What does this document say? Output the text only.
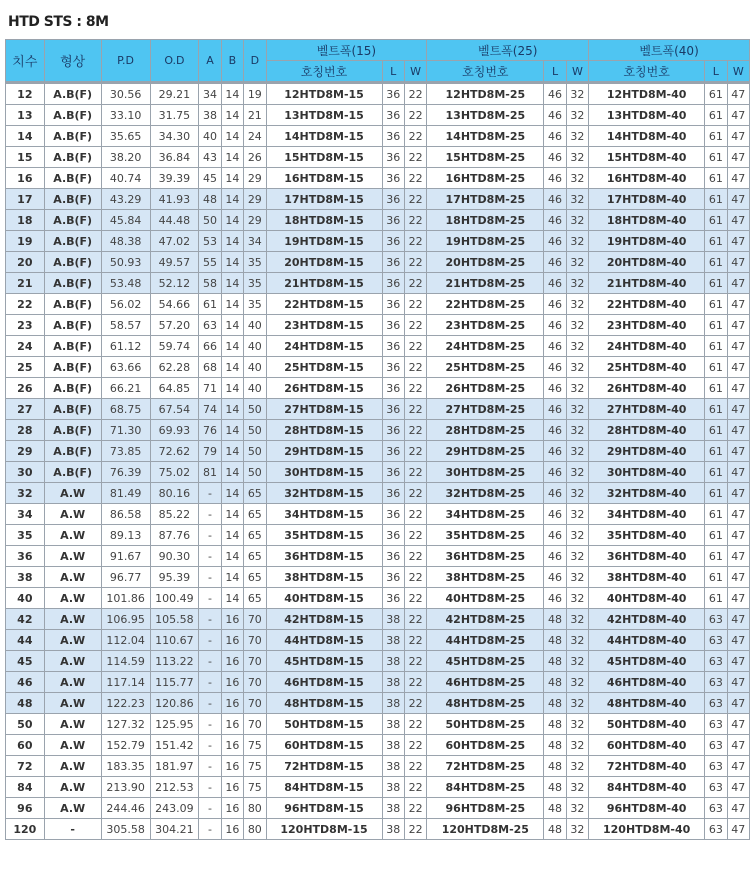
HTD STS : 8M
치수	형상	P.D	O.D	A	B	D	벨트폭(15)			벨트폭(25)			벨트폭(40)		
							호칭번호	L	W	호칭번호	L	W	호칭번호	L	W
12	A.B(F)	30.56	29.21	34	14	19	12HTD8M-15	36	22	12HTD8M-25	46	32	12HTD8M-40	61	47
13	A.B(F)	33.10	31.75	38	14	21	13HTD8M-15	36	22	13HTD8M-25	46	32	13HTD8M-40	61	47
14	A.B(F)	35.65	34.30	40	14	24	14HTD8M-15	36	22	14HTD8M-25	46	32	14HTD8M-40	61	47
15	A.B(F)	38.20	36.84	43	14	26	15HTD8M-15	36	22	15HTD8M-25	46	32	15HTD8M-40	61	47
16	A.B(F)	40.74	39.39	45	14	29	16HTD8M-15	36	22	16HTD8M-25	46	32	16HTD8M-40	61	47
17	A.B(F)	43.29	41.93	48	14	29	17HTD8M-15	36	22	17HTD8M-25	46	32	17HTD8M-40	61	47
18	A.B(F)	45.84	44.48	50	14	29	18HTD8M-15	36	22	18HTD8M-25	46	32	18HTD8M-40	61	47
19	A.B(F)	48.38	47.02	53	14	34	19HTD8M-15	36	22	19HTD8M-25	46	32	19HTD8M-40	61	47
20	A.B(F)	50.93	49.57	55	14	35	20HTD8M-15	36	22	20HTD8M-25	46	32	20HTD8M-40	61	47
21	A.B(F)	53.48	52.12	58	14	35	21HTD8M-15	36	22	21HTD8M-25	46	32	21HTD8M-40	61	47
22	A.B(F)	56.02	54.66	61	14	35	22HTD8M-15	36	22	22HTD8M-25	46	32	22HTD8M-40	61	47
23	A.B(F)	58.57	57.20	63	14	40	23HTD8M-15	36	22	23HTD8M-25	46	32	23HTD8M-40	61	47
24	A.B(F)	61.12	59.74	66	14	40	24HTD8M-15	36	22	24HTD8M-25	46	32	24HTD8M-40	61	47
25	A.B(F)	63.66	62.28	68	14	40	25HTD8M-15	36	22	25HTD8M-25	46	32	25HTD8M-40	61	47
26	A.B(F)	66.21	64.85	71	14	40	26HTD8M-15	36	22	26HTD8M-25	46	32	26HTD8M-40	61	47
27	A.B(F)	68.75	67.54	74	14	50	27HTD8M-15	36	22	27HTD8M-25	46	32	27HTD8M-40	61	47
28	A.B(F)	71.30	69.93	76	14	50	28HTD8M-15	36	22	28HTD8M-25	46	32	28HTD8M-40	61	47
29	A.B(F)	73.85	72.62	79	14	50	29HTD8M-15	36	22	29HTD8M-25	46	32	29HTD8M-40	61	47
30	A.B(F)	76.39	75.02	81	14	50	30HTD8M-15	36	22	30HTD8M-25	46	32	30HTD8M-40	61	47
32	A.W	81.49	80.16	-	14	65	32HTD8M-15	36	22	32HTD8M-25	46	32	32HTD8M-40	61	47
34	A.W	86.58	85.22	-	14	65	34HTD8M-15	36	22	34HTD8M-25	46	32	34HTD8M-40	61	47
35	A.W	89.13	87.76	-	14	65	35HTD8M-15	36	22	35HTD8M-25	46	32	35HTD8M-40	61	47
36	A.W	91.67	90.30	-	14	65	36HTD8M-15	36	22	36HTD8M-25	46	32	36HTD8M-40	61	47
38	A.W	96.77	95.39	-	14	65	38HTD8M-15	36	22	38HTD8M-25	46	32	38HTD8M-40	61	47
40	A.W	101.86	100.49	-	14	65	40HTD8M-15	36	22	40HTD8M-25	46	32	40HTD8M-40	61	47
42	A.W	106.95	105.58	-	16	70	42HTD8M-15	38	22	42HTD8M-25	48	32	42HTD8M-40	63	47
44	A.W	112.04	110.67	-	16	70	44HTD8M-15	38	22	44HTD8M-25	48	32	44HTD8M-40	63	47
45	A.W	114.59	113.22	-	16	70	45HTD8M-15	38	22	45HTD8M-25	48	32	45HTD8M-40	63	47
46	A.W	117.14	115.77	-	16	70	46HTD8M-15	38	22	46HTD8M-25	48	32	46HTD8M-40	63	47
48	A.W	122.23	120.86	-	16	70	48HTD8M-15	38	22	48HTD8M-25	48	32	48HTD8M-40	63	47
50	A.W	127.32	125.95	-	16	70	50HTD8M-15	38	22	50HTD8M-25	48	32	50HTD8M-40	63	47
60	A.W	152.79	151.42	-	16	75	60HTD8M-15	38	22	60HTD8M-25	48	32	60HTD8M-40	63	47
72	A.W	183.35	181.97	-	16	75	72HTD8M-15	38	22	72HTD8M-25	48	32	72HTD8M-40	63	47
84	A.W	213.90	212.53	-	16	75	84HTD8M-15	38	22	84HTD8M-25	48	32	84HTD8M-40	63	47
96	A.W	244.46	243.09	-	16	80	96HTD8M-15	38	22	96HTD8M-25	48	32	96HTD8M-40	63	47
120	-	305.58	304.21	-	16	80	120HTD8M-15	38	22	120HTD8M-25	48	32	120HTD8M-40	63	47
